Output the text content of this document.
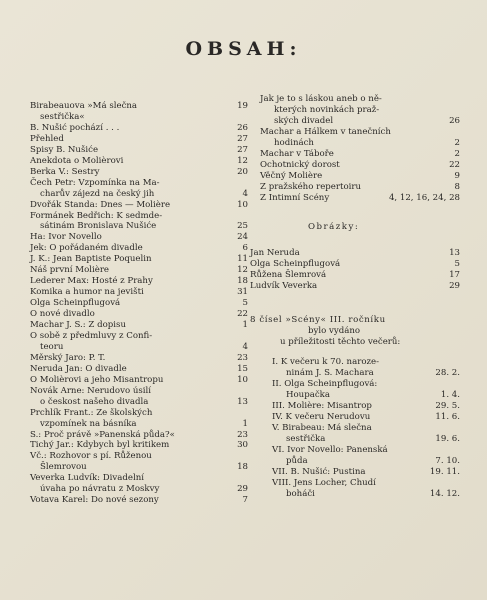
OBSAH:
Birabeauova »Má slečna	19
sestřička«
B. Nušić pochází . . .	26
Přehled	27
Spisy B. Nušiće	27
Anekdota o Molièrovi	12
Berka V.: Sestry	20
Čech Petr: Vzpomínka na Ma-
charův zájezd na český jih	4
Dvořák Standa: Dnes — Molière	10
Formánek Bedřich: K sedmde-
sátinám Bronislava Nušiće	25
Ha: Ivor Novello	24
Jek: O pořádaném divadle	6
J. K.: Jean Baptiste Poquelin	11
Náš první Molière	12
Lederer Max: Hosté z Prahy	18
Komika a humor na jevišti	31
Olga Scheinpflugová	5
O nové divadlo	22
Machar J. S.: Z dopisu	1
O sobě z předmluvy z Confi-
teoru	4
Měrský Jaro: P. T.	23
Neruda Jan: O divadle	15
O Molièrovi a jeho Misantropu	10
Novák Arne: Nerudovo úsilí
o českost našeho divadla	13
Prchlík Frant.: Ze školských
vzpomínek na básníka	1
S.: Proč právě »Panenská půda?«	23
Tichý Jar.: Kdybych byl kritikem	30
Vč.: Rozhovor s pí. Růženou
Šlemrovou	18
Veverka Ludvík: Divadelní
úvaha po návratu z Moskvy	29
Votava Karel: Do nové sezony	7
Jak je to s láskou aneb o ně-
kterých novinkách praž-
ských divadel	26
Machar a Hálkem v tanečních
hodinách	2
Machar v Táboře	2
Ochotnický dorost	22
Věčný Molière	9
Z pražského repertoiru	8
Z Intimní Scény	4, 12, 16, 24, 28
Obrázky:
Jan Neruda	13
Olga Scheinpflugová	5
Růžena Šlemrová	17
Ludvík Veverka	29
8 čísel »Scény« III. ročníku
bylo vydáno
u příležitosti těchto večerů:
I. K večeru k 70. naroze-
ninám J. S. Machara	28. 2.
II. Olga Scheinpflugová:
Houpačka	1. 4.
III. Molière: Misantrop	29. 5.
IV. K večeru Nerudovu	11. 6.
V. Birabeau: Má slečna
sestřička	19. 6.
VI. Ivor Novello: Panenská
půda	7. 10.
VII. B. Nušić: Pustina	19. 11.
VIII. Jens Locher, Chudí
boháči	14. 12.
